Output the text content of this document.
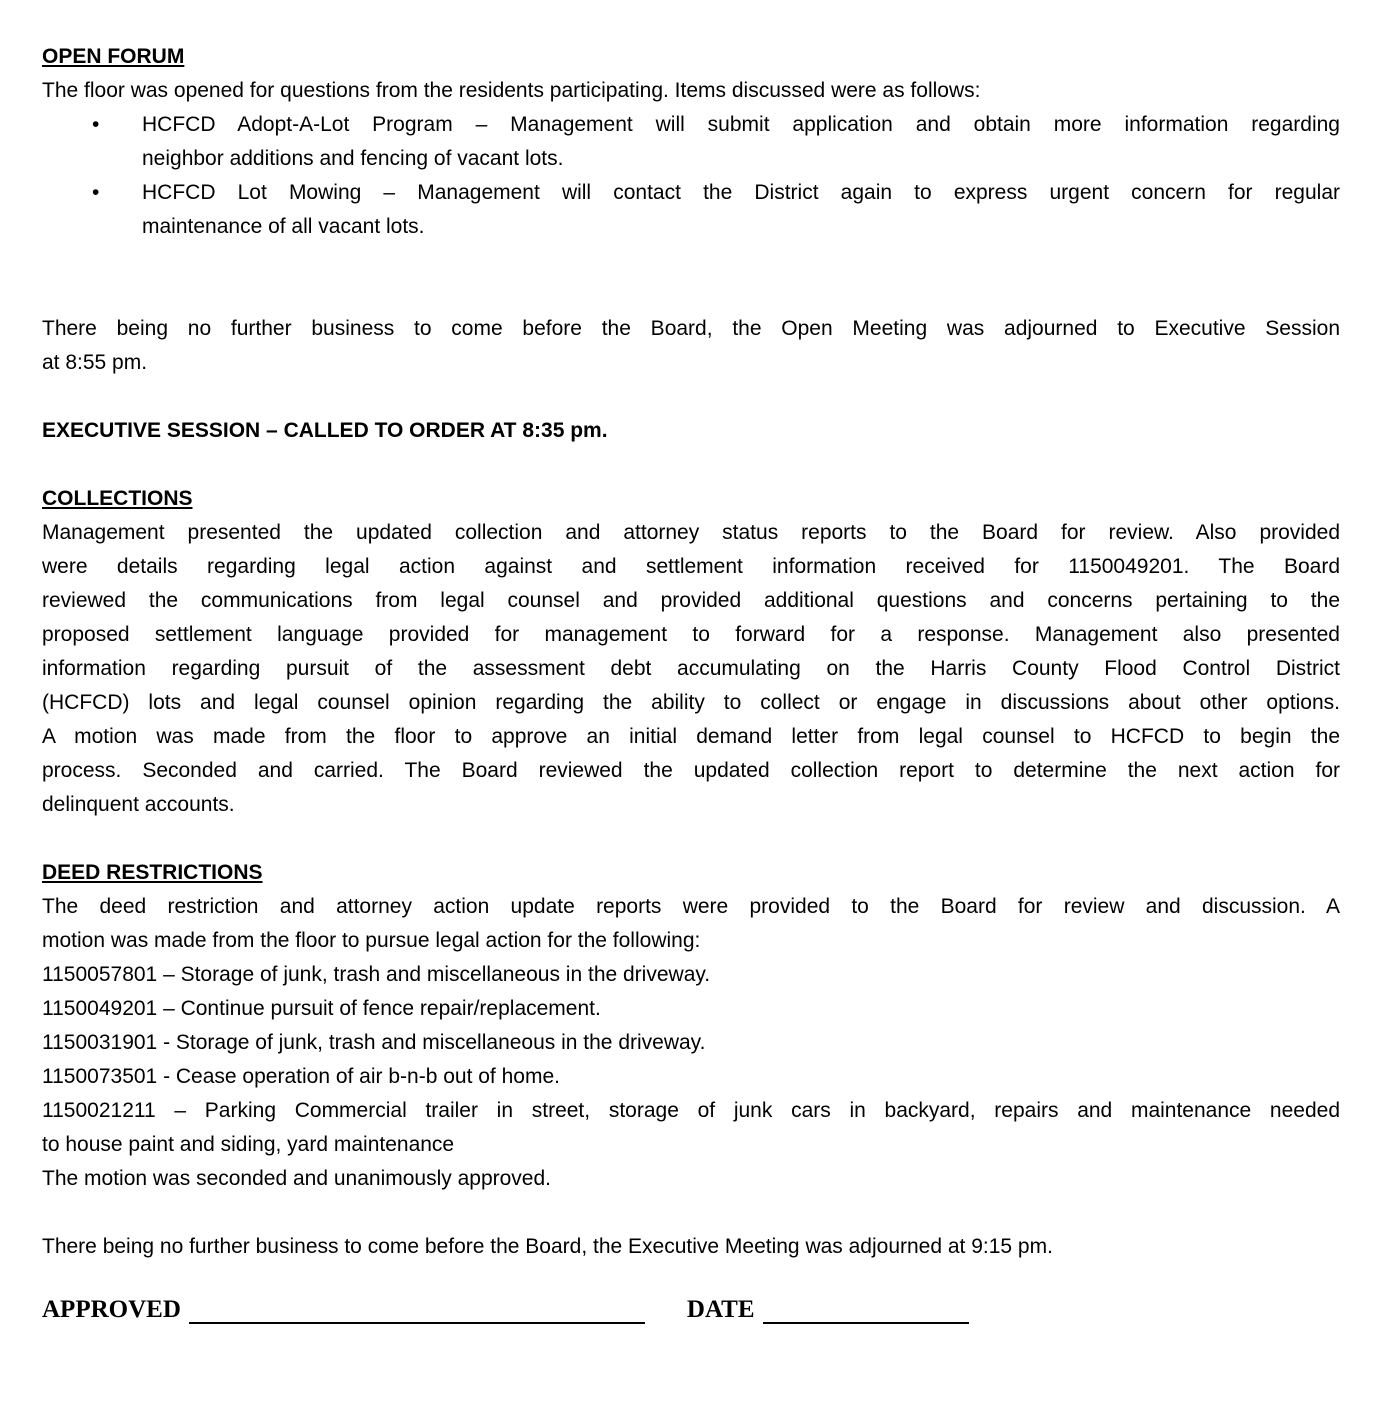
OPEN FORUM
The floor was opened for questions from the residents participating. Items discussed were as follows:
• HCFCD Adopt-A-Lot Program – Management will submit application and obtain more information regarding
neighbor additions and fencing of vacant lots.
• HCFCD Lot Mowing – Management will contact the District again to express urgent concern for regular
maintenance of all vacant lots.
There being no further business to come before the Board, the Open Meeting was adjourned to Executive Session
at 8:55 pm.
EXECUTIVE SESSION – CALLED TO ORDER AT 8:35 pm.
COLLECTIONS
Management presented the updated collection and attorney status reports to the Board for review. Also provided
were details regarding legal action against and settlement information received for 1150049201. The Board
reviewed the communications from legal counsel and provided additional questions and concerns pertaining to the
proposed settlement language provided for management to forward for a response. Management also presented
information regarding pursuit of the assessment debt accumulating on the Harris County Flood Control District
(HCFCD) lots and legal counsel opinion regarding the ability to collect or engage in discussions about other options.
A motion was made from the floor to approve an initial demand letter from legal counsel to HCFCD to begin the
process. Seconded and carried. The Board reviewed the updated collection report to determine the next action for
delinquent accounts.
DEED RESTRICTIONS
The deed restriction and attorney action update reports were provided to the Board for review and discussion. A
motion was made from the floor to pursue legal action for the following:
1150057801 – Storage of junk, trash and miscellaneous in the driveway.
1150049201 – Continue pursuit of fence repair/replacement.
1150031901 - Storage of junk, trash and miscellaneous in the driveway.
1150073501 - Cease operation of air b-n-b out of home.
1150021211 – Parking Commercial trailer in street, storage of junk cars in backyard, repairs and maintenance needed
to house paint and siding, yard maintenance
The motion was seconded and unanimously approved.
There being no further business to come before the Board, the Executive Meeting was adjourned at 9:15 pm.
APPROVED	DATE
